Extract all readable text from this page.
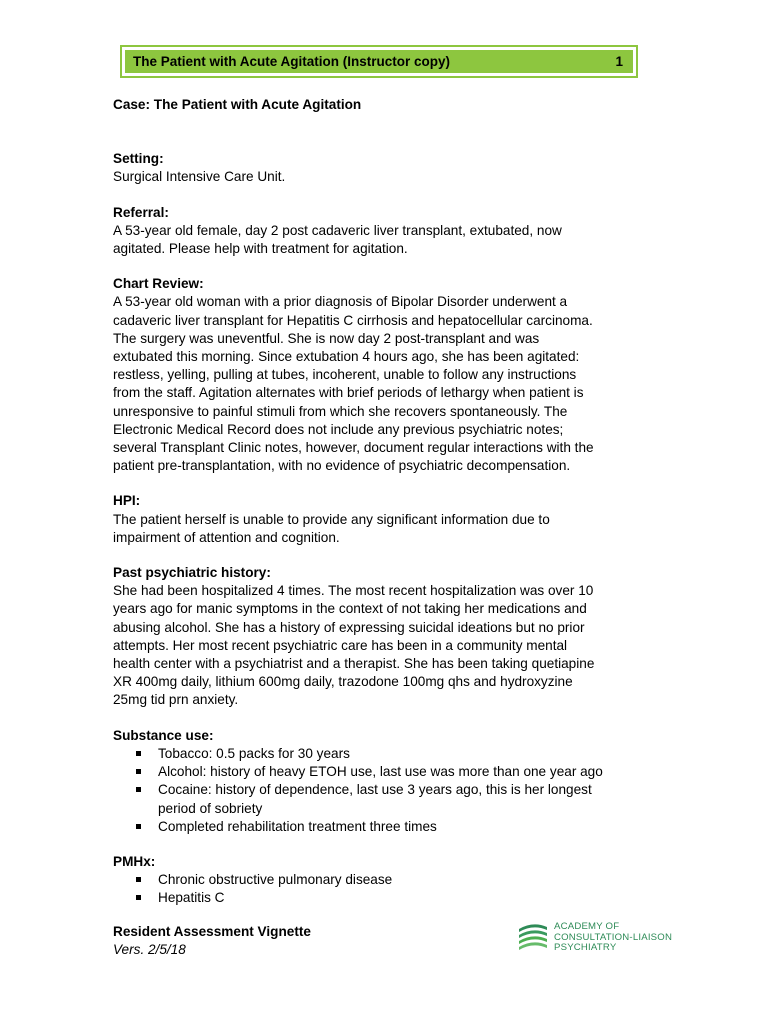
The Patient with Acute Agitation (Instructor copy)	1

Case: The Patient with Acute Agitation

Setting:

Surgical Intensive Care Unit.

Referral:

A 53-year old female, day 2 post cadaveric liver transplant, extubated, now
agitated. Please help with treatment for agitation.

Chart Review:

A 53-year old woman with a prior diagnosis of Bipolar Disorder underwent a
cadaveric liver transplant for Hepatitis C cirrhosis and hepatocellular carcinoma.
The surgery was uneventful. She is now day 2 post-transplant and was
extubated this morning. Since extubation 4 hours ago, she has been agitated:
restless, yelling, pulling at tubes, incoherent, unable to follow any instructions
from the staff. Agitation alternates with brief periods of lethargy when patient is
unresponsive to painful stimuli from which she recovers spontaneously. The
Electronic Medical Record does not include any previous psychiatric notes;
several Transplant Clinic notes, however, document regular interactions with the
patient pre-transplantation, with no evidence of psychiatric decompensation.

HPI:

The patient herself is unable to provide any significant information due to
impairment of attention and cognition.

Past psychiatric history:

She had been hospitalized 4 times. The most recent hospitalization was over 10
years ago for manic symptoms in the context of not taking her medications and
abusing alcohol. She has a history of expressing suicidal ideations but no prior
attempts. Her most recent psychiatric care has been in a community mental
health center with a psychiatrist and a therapist. She has been taking quetiapine
XR 400mg daily, lithium 600mg daily, trazodone 100mg qhs and hydroxyzine
25mg tid prn anxiety.

Substance use:

Tobacco: 0.5 packs for 30 years
Alcohol: history of heavy ETOH use, last use was more than one year ago
Cocaine: history of dependence, last use 3 years ago, this is her longest
period of sobriety
Completed rehabilitation treatment three times

PMHx:

Chronic obstructive pulmonary disease
Hepatitis C
Resident Assessment Vignette
Vers. 2/5/18
ACADEMY OF
CONSULTATION-LIAISON
PSYCHIATRY
